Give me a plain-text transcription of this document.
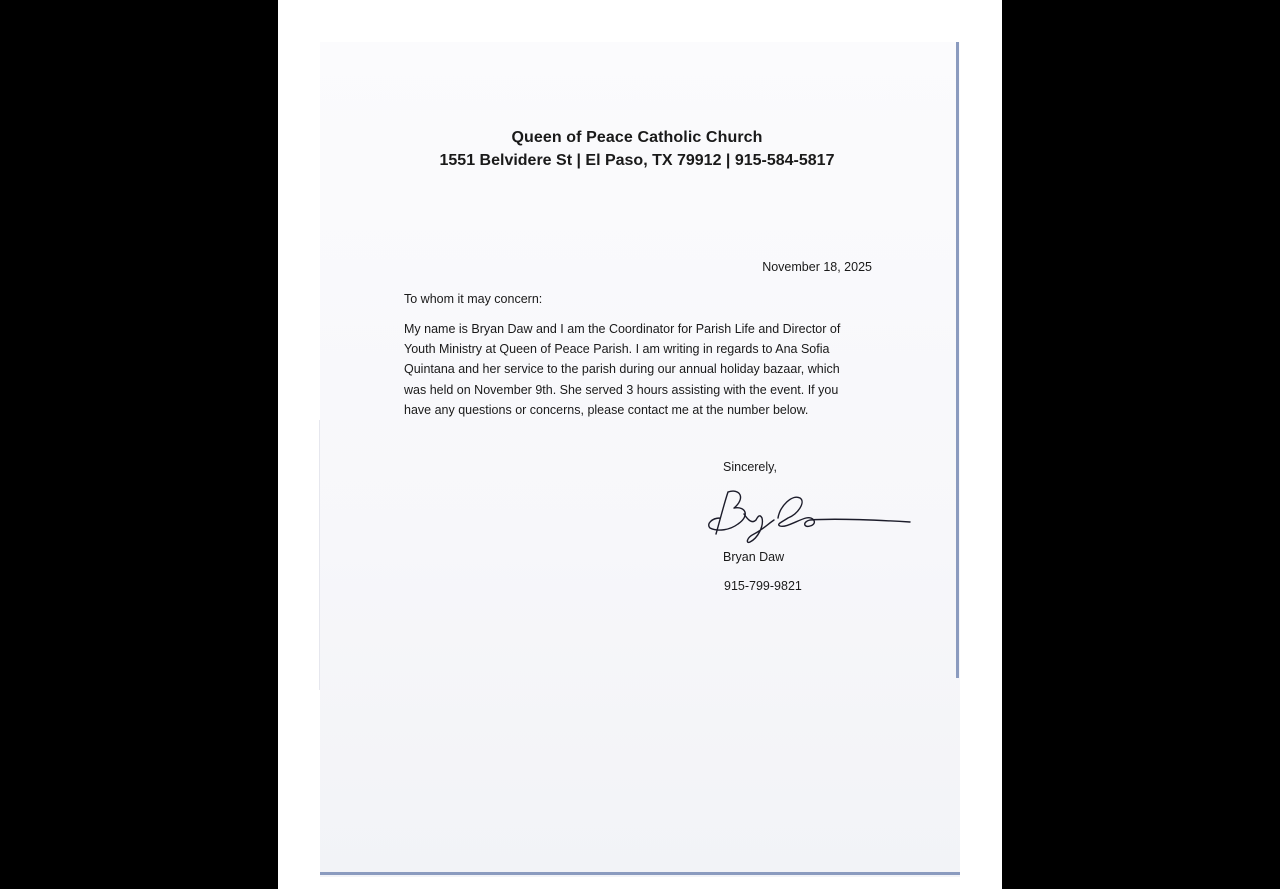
Queen of Peace Catholic Church
1551 Belvidere St | El Paso, TX 79912 | 915-584-5817
November 18, 2025
To whom it may concern:
My name is Bryan Daw and I am the Coordinator for Parish Life and Director of
Youth Ministry at Queen of Peace Parish. I am writing in regards to Ana Sofia
Quintana and her service to the parish during our annual holiday bazaar, which
was held on November 9th. She served 3 hours assisting with the event. If you
have any questions or concerns, please contact me at the number below.
Sincerely,
Bryan Daw
915-799-9821
